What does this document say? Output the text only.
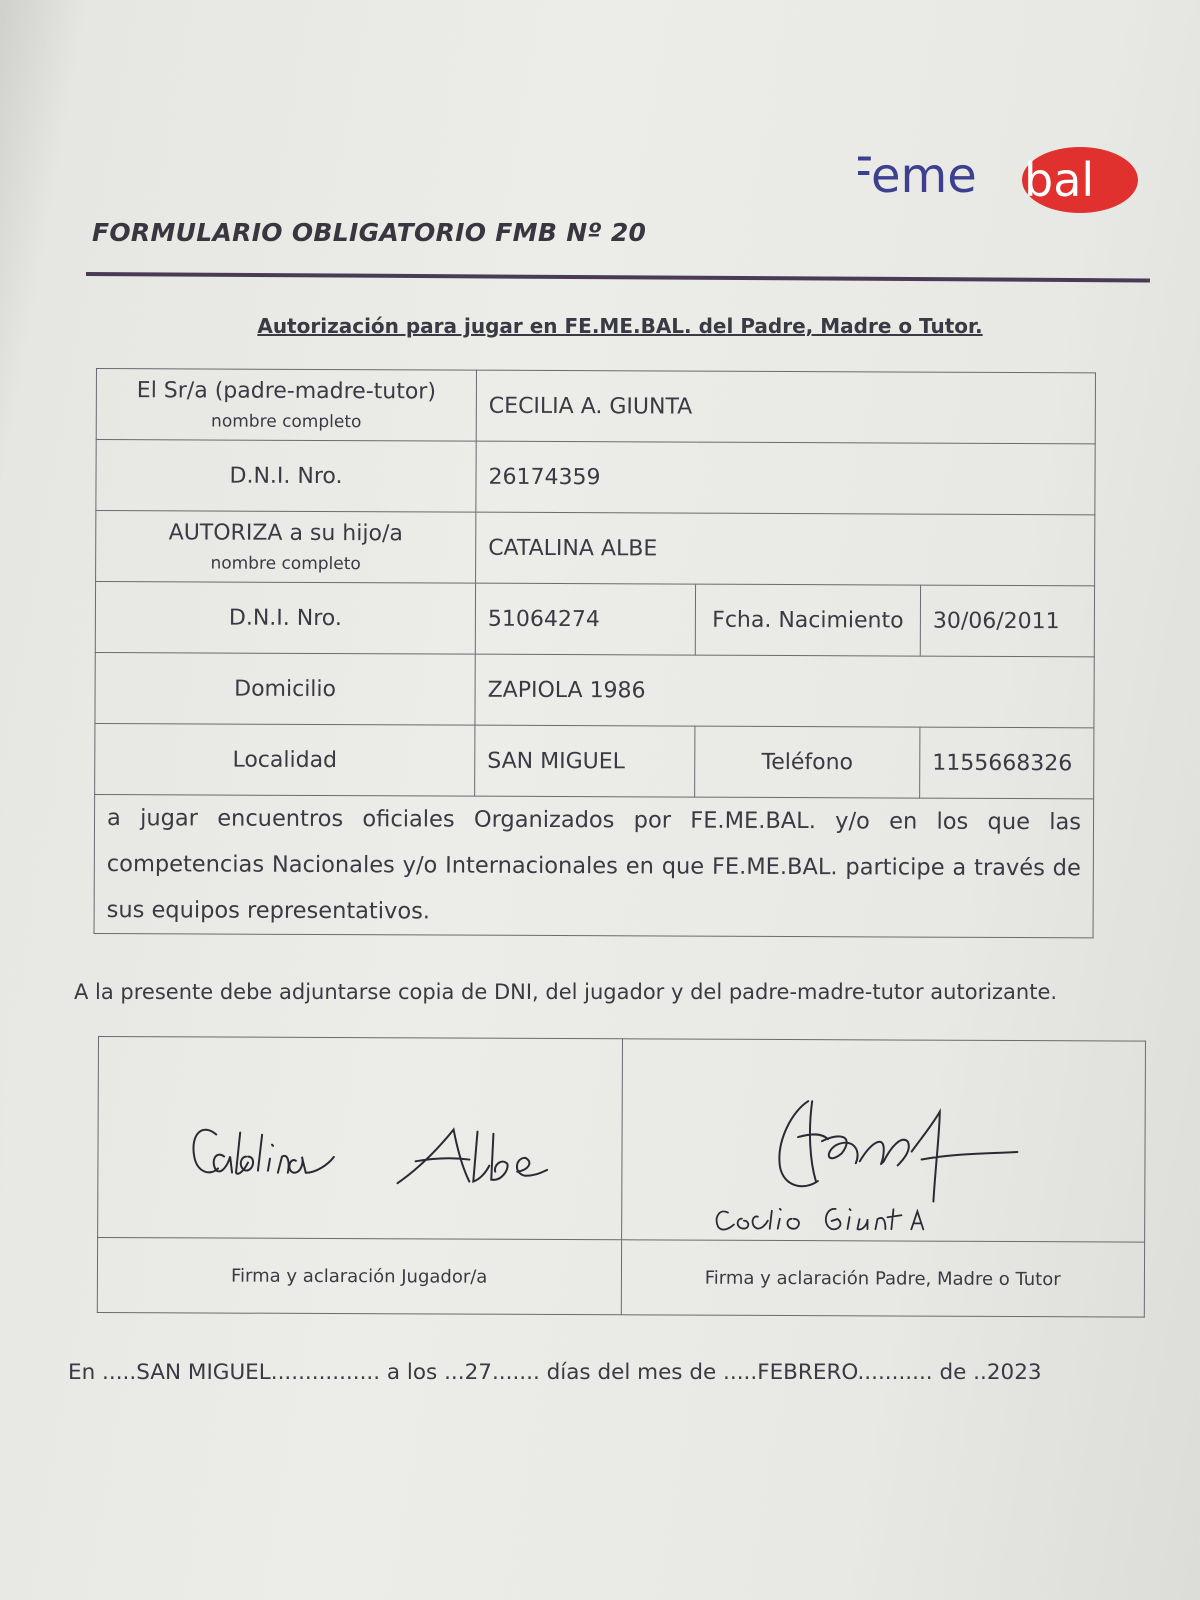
Feme bal
FORMULARIO OBLIGATORIO FMB Nº 20
Autorización para jugar en FE.ME.BAL. del Padre, Madre o Tutor.
El Sr/a (padre-madre-tutor)
nombre completo	CECILIA A. GIUNTA		
D.N.I. Nro.	26174359		
AUTORIZA a su hijo/a
nombre completo	CATALINA ALBE		
D.N.I. Nro.	51064274	Fcha. Nacimiento	30/06/2011
Domicilio	ZAPIOLA 1986		
Localidad	SAN MIGUEL	Teléfono	1155668326
a jugar encuentros oficiales Organizados por FE.ME.BAL. y/o en los que las competencias Nacionales y/o Internacionales en que FE.ME.BAL. participe a través de sus equipos representativos.			
A la presente debe adjuntarse copia de DNI, del jugador y del padre-madre-tutor autorizante.

Firma y aclaración Jugador/a	Firma y aclaración Padre, Madre o Tutor
En .....SAN MIGUEL................ a los ...27....... días del mes de .....FEBRERO........... de ..2023
